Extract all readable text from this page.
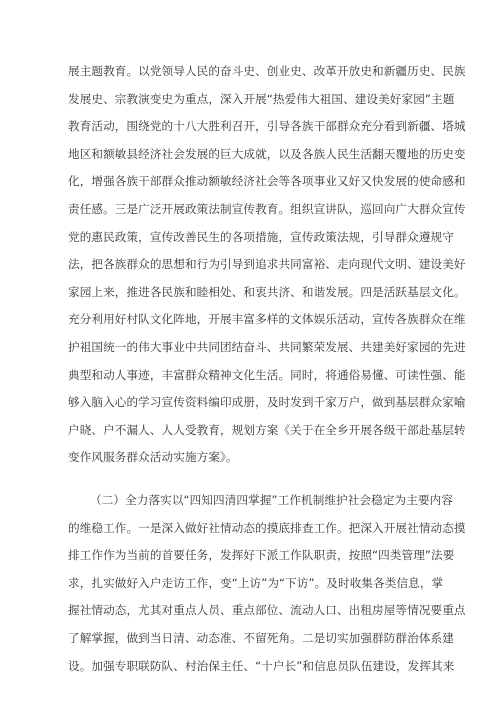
展主题教育。以党领导人民的奋斗史、创业史、改革开放史和新疆历史、民族
发展史、宗教演变史为重点，深入开展“热爱伟大祖国、建设美好家园”主题
教育活动，围绕党的十八大胜利召开，引导各族干部群众充分看到新疆、塔城
地区和额敏县经济社会发展的巨大成就，以及各族人民生活翻天覆地的历史变
化，增强各族干部群众推动额敏经济社会等各项事业又好又快发展的使命感和
责任感。三是广泛开展政策法制宣传教育。组织宣讲队，巡回向广大群众宣传
党的惠民政策，宣传改善民生的各项措施，宣传政策法规，引导群众遵规守
法，把各族群众的思想和行为引导到追求共同富裕、走向现代文明、建设美好
家园上来，推进各民族和睦相处、和衷共济、和谐发展。四是活跃基层文化。
充分利用好村队文化阵地，开展丰富多样的文体娱乐活动，宣传各族群众在维
护祖国统一的伟大事业中共同团结奋斗、共同繁荣发展、共建美好家园的先进
典型和动人事迹，丰富群众精神文化生活。同时，将通俗易懂、可读性强、能
够入脑入心的学习宣传资料编印成册，及时发到千家万户，做到基层群众家喻
户晓、户不漏人、人人受教育，规划方案《关于在全乡开展各级干部赴基层转
变作风服务群众活动实施方案》。
（二）全力落实以“四知四清四掌握”工作机制维护社会稳定为主要内容
的维稳工作。一是深入做好社情动态的摸底排查工作。把深入开展社情动态摸
排工作作为当前的首要任务，发挥好下派工作队职责，按照“四类管理”法要
求，扎实做好入户走访工作，变“上访”为“下访”。及时收集各类信息，掌
握社情动态，尤其对重点人员、重点部位、流动人口、出租房屋等情况要重点
了解掌握，做到当日清、动态准、不留死角。二是切实加强群防群治体系建
设。加强专职联防队、村治保主任、“十户长”和信息员队伍建设，发挥其来
